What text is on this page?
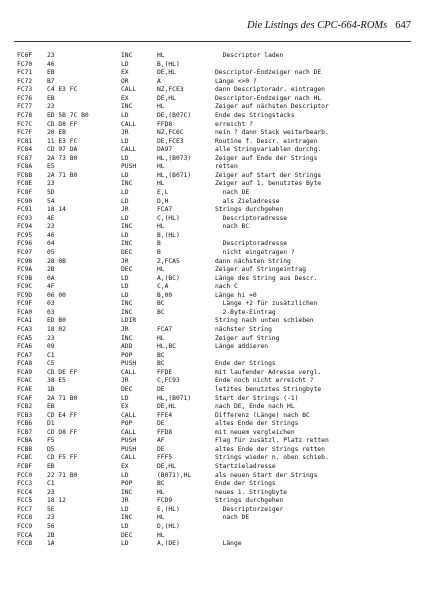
Die Listings des CPC-664-ROMs 647
FC6F 23	INC	HL	Descriptor laden
FC70 46	LD	B,(HL)
FC71 EB	EX	DE,HL	Descriptor-Endzeiger nach DE
FC72 B7	OR	A	Länge <>0 ?
FC73 C4 E3 FC	CALL	NZ,FCE3	dann Descriptoradr. eintragen
FC76 EB	EX	DE,HL	Descriptor-Endzeiger nach HL
FC77 23	INC	HL	Zeiger auf nächsten Descriptor
FC78 ED 5B 7C B0	LD	DE,(B07C)	Ende des Stringstacks
FC7C CD D8 FF	CALL	FFD8	erreicht ?
FC7F 20 EB	JR	NZ,FC6C	nein ? dann Stack weiterbearb.
FC81 11 E3 FC	LD	DE,FCE3	Routine f. Descr. eintragen
FC84 CD 97 DA	CALL	DA97	alle Stringvariablen durchg.
FC87 2A 73 B0	LD	HL,(B073)	Zeiger auf Ende der Strings
FC8A E5	PUSH	HL	retten
FC8B 2A 71 B0	LD	HL,(B071)	Zeiger auf Start der Strings
FC8E 23	INC	HL	Zeiger auf 1. benutztes Byte
FC8F 5D	LD	E,L	nach DE
FC90 54	LD	D,H	als Zieladresse
FC91 18 14	JR	FCA7	Strings durchgehen
FC93 4E	LD	C,(HL)	Descriptoradresse
FC94 23	INC	HL	nach BC
FC95 46	LD	B,(HL)
FC96 04	INC	B	Descriptoradresse
FC97 05	DEC	B	nicht eingetragen ?
FC98 28 0B	JR	Z,FCA5	dann nächsten String
FC9A 2B	DEC	HL	Zeiger auf Stringeintrag
FC9B 0A	LD	A,(BC)	Länge des String aus Descr.
FC9C 4F	LD	C,A	nach C
FC9D 06 00	LD	B,00	Länge hi =0
FC9F 03	INC	BC	Länge +2 für zusätzlichen
FCA0 03	INC	BC	2-Byte-Eintrag
FCA1 ED B0	LDIR	String nach unten schieben
FCA3 18 02	JR	FCA7	nächster String
FCA5 23	INC	HL	Zeiger auf String
FCA6 09	ADD	HL,BC	Länge addieren
FCA7 C1	POP	BC
FCA8 C5	PUSH	BC	Ende der Strings
FCA9 CD DE FF	CALL	FFDE	mit laufender Adresse vergl.
FCAC 38 E5	JR	C,FC93	Ende noch nicht erreicht ?
FCAE 1B	DEC	DE	letztes benutztes Stringbyte
FCAF 2A 71 B0	LD	HL,(B071)	Start der Strings (-1)
FCB2 EB	EX	DE,HL	nach DE, Ende nach HL
FCB3 CD E4 FF	CALL	FFE4	Differenz (Länge) nach BC
FCB6 D1	POP	DE	altes Ende der Strings
FCB7 CD D8 FF	CALL	FFD8	mit neuem vergleichen
FCBA F5	PUSH	AF	Flag für zusätzl. Platz retten
FCBB D5	PUSH	DE	altes Ende der Strings retten
FCBC CD F5 FF	CALL	FFF5	Strings wieder n. oben schieb.
FCBF EB	EX	DE,HL	Startzieladresse
FCC0 22 71 B0	LD	(B071),HL	als neuen Start der Strings
FCC3 C1	POP	BC	Ende der Strings
FCC4 23	INC	HL	neues 1. Stringbyte
FCC5 18 12	JR	FCD9	Strings durchgehen
FCC7 5E	LD	E,(HL)	Descriptorzeiger
FCC8 23	INC	HL	nach DE
FCC9 56	LD	D,(HL)
FCCA 2B	DEC	HL
FCCB 1A	LD	A,(DE)	Länge
